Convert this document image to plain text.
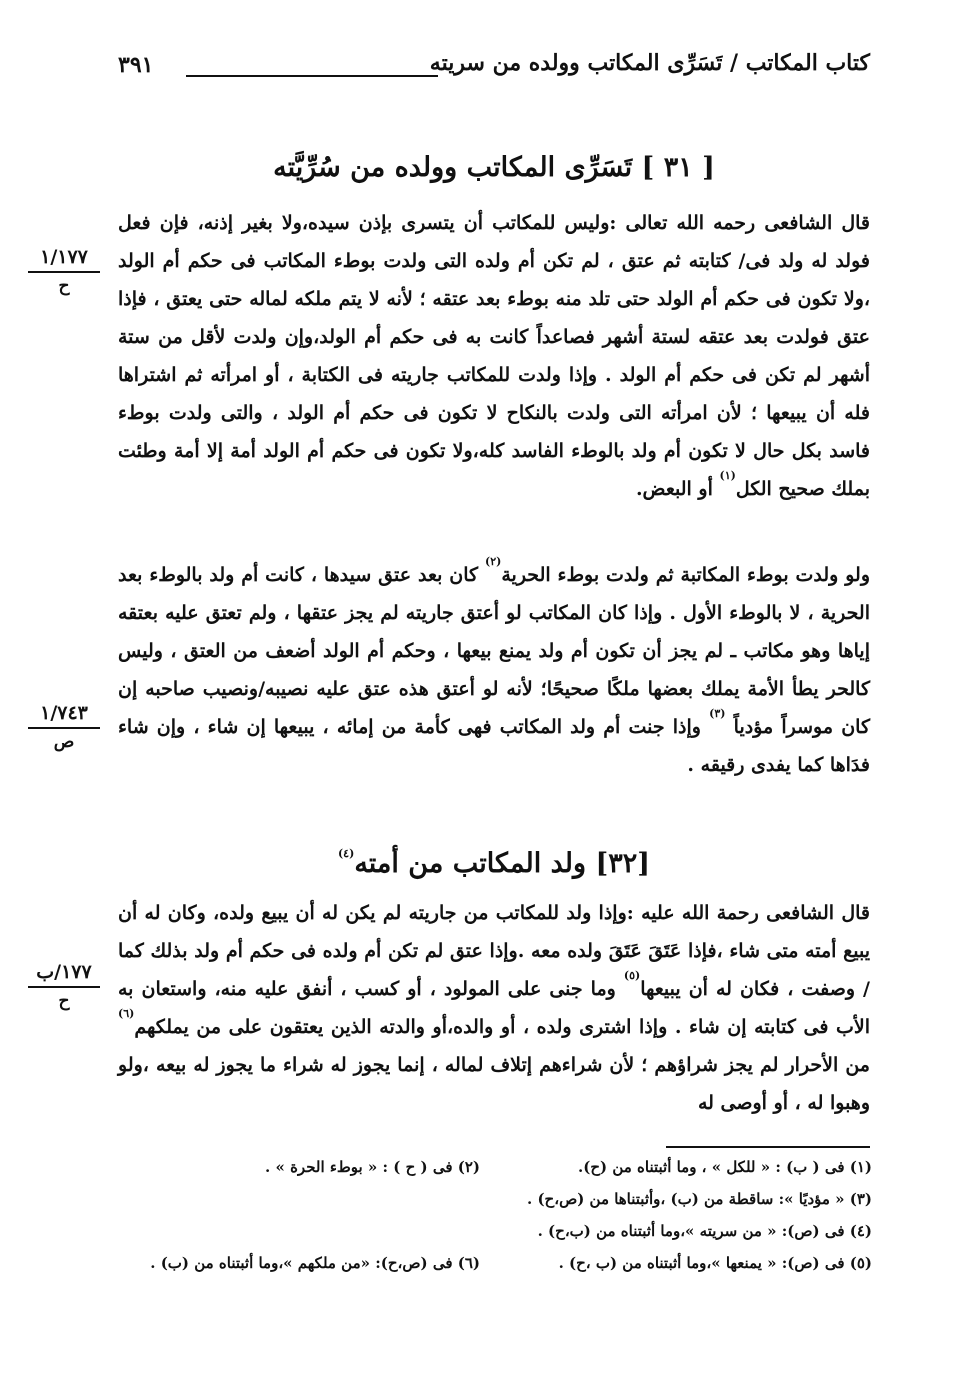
كتاب المكاتب / تَسَرِّى المكاتب وولده من سريته
٣٩١
[ ٣١ ] تَسَرِّى المكاتب وولده من سُرِّيَّته

قال الشافعى رحمه الله تعالى :وليس للمكاتب أن يتسرى بإذن سيده،ولا بغير إذنه، فإن فعل فولد له ولد فى/ كتابته ثم عتق ، لم تكن أم ولده التى ولدت بوطء المكاتب فى حكم أم الولد ،ولا تكون فى حكم أم الولد حتى تلد منه بوطء بعد عتقه ؛ لأنه لا يتم ملكه لماله حتى يعتق ، فإذا عتق فولدت بعد عتقه لستة أشهر فصاعداً كانت به فى حكم أم الولد،وإن ولدت لأقل من ستة أشهر لم تكن فى حكم أم الولد . وإذا ولدت للمكاتب جاريته فى الكتابة ، أو امرأته ثم اشتراها فله أن يبيعها ؛ لأن امرأته التى ولدت بالنكاح لا تكون فى حكم أم الولد ، والتى ولدت بوطء فاسد بكل حال لا تكون أم ولد بالوطء الفاسد كله،ولا تكون فى حكم أم الولد أمة إلا أمة وطئت بملك صحيح الكل$^{(١)}$ أو البعض.

ولو ولدت بوطء المكاتبة ثم ولدت بوطء الحرية$^{(٢)}$ كان بعد عتق سيدها ، كانت أم ولد بالوطء بعد الحرية ، لا بالوطء الأول . وإذا كان المكاتب لو أعتق جاريته لم يجز عتقها ، ولم تعتق عليه بعتقه إياها وهو مكاتب ـ لم يجز أن تكون أم ولد يمنع بيعها ، وحكم أم الولد أضعف من العتق ، وليس كالحر يطأ الأمة يملك بعضها ملكًا صحيحًا؛ لأنه لو أعتق هذه عتق عليه نصيبه/ونصيب صاحبه إن كان موسراً مؤدياً $^{(٣)}$ وإذا جنت أم ولد المكاتب فهى كأمة من إمائه ، يبيعها إن شاء ، وإن شاء فدَاها كما يفدى رقيقه .

[٣٢] ولد المكاتب من أمته$^{(٤)}$

قال الشافعى رحمة الله عليه :وإذا ولد للمكاتب من جاريته لم يكن له أن يبيع ولده، وكان له أن يبيع أمته متى شاء ،فإذا عَتَقَ عَتَقَ ولده معه .وإذا عتق لم تكن أم ولده فى حكم أم ولد بذلك كما / وصفت ، فكان له أن يبيعها$^{(٥)}$ وما جنى على المولود ، أو كسب ، أنفق عليه منه، واستعان به الأب فى كتابته إن شاء . وإذا اشترى ولده ، أو والده،أو والدته الذين يعتقون على من يملكهم$^{(٦)}$ من الأحرار لم يجز شراؤهم ؛ لأن شراءهم إتلاف لماله ، إنما يجوز له شراء ما يجوز له بيعه ،ولو وهبوا له ، أو أوصى له

١/١٧٧
ح
١/٧٤٣
ص
١٧٧/ب
ح
(١) فى ( ب) : « للكل » ، وما أثبتناه من (ح).
(٢) فى ( ح ) : « بوطء الحرة » .
(٣) « مؤديًا »: ساقطة من (ب) ،وأثبتناها من (ص،ح) .
(٤) فى (ص): « من سريته »،وما أثبتناه من (ب،ح) .
(٥) فى (ص): « يمنعها »،وما أثبتناه من (ب ،ح) .
(٦) فى (ص،ح): «من ملكهم »،وما أثبتناه من (ب) .
